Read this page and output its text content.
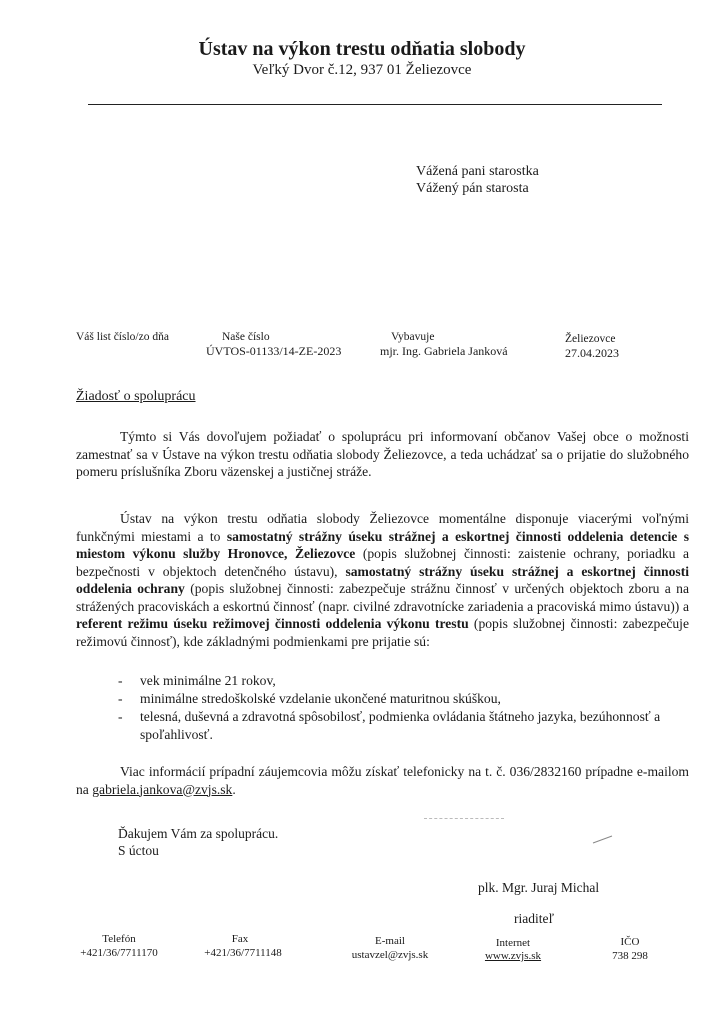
Ústav na výkon trestu odňatia slobody
Veľký Dvor č.12, 937 01 Želiezovce
Vážená pani starostka
Vážený pán starosta
Váš list číslo/zo dňa	Naše číslo
ÚVTOS-01133/14-ZE-2023
Vybavuje
mjr. Ing. Gabriela Janková
Želiezovce
27.04.2023
Žiadosť o spoluprácu
Týmto si Vás dovoľujem požiadať o spoluprácu pri informovaní občanov Vašej obce o možnosti zamestnať sa v Ústave na výkon trestu odňatia slobody Želiezovce, a teda uchádzať sa o prijatie do služobného pomeru príslušníka Zboru väzenskej a justičnej stráže.
Ústav na výkon trestu odňatia slobody Želiezovce momentálne disponuje viacerými voľnými funkčnými miestami a to samostatný strážny úseku strážnej a eskortnej činnosti oddelenia detencie s miestom výkonu služby Hronovce, Želiezovce (popis služobnej činnosti: zaistenie ochrany, poriadku a bezpečnosti v objektoch detenčného ústavu), samostatný strážny úseku strážnej a eskortnej činnosti oddelenia ochrany (popis služobnej činnosti: zabezpečuje strážnu činnosť v určených objektoch zboru a na strážených pracoviskách a eskortnú činnosť (napr. civilné zdravotnícke zariadenia a pracoviská mimo ústavu)) a referent režimu úseku režimovej činnosti oddelenia výkonu trestu (popis služobnej činnosti: zabezpečuje režimovú činnosť), kde základnými podmienkami pre prijatie sú:
- vek minimálne 21 rokov,
- minimálne stredoškolské vzdelanie ukončené maturitnou skúškou,
- telesná, duševná a zdravotná spôsobilosť, podmienka ovládania štátneho jazyka, bezúhonnosť a spoľahlivosť.
Viac informácií prípadní záujemcovia môžu získať telefonicky na t. č. 036/2832160 prípadne e-mailom na gabriela.jankova@zvjs.sk.
Ďakujem Vám za spoluprácu.
S úctou
plk. Mgr. Juraj Michal
riaditeľ
Telefón
+421/36/7711170
Fax
+421/36/7711148
E-mail
ustavzel@zvjs.sk
Internet
www.zvjs.sk
IČO
738 298
